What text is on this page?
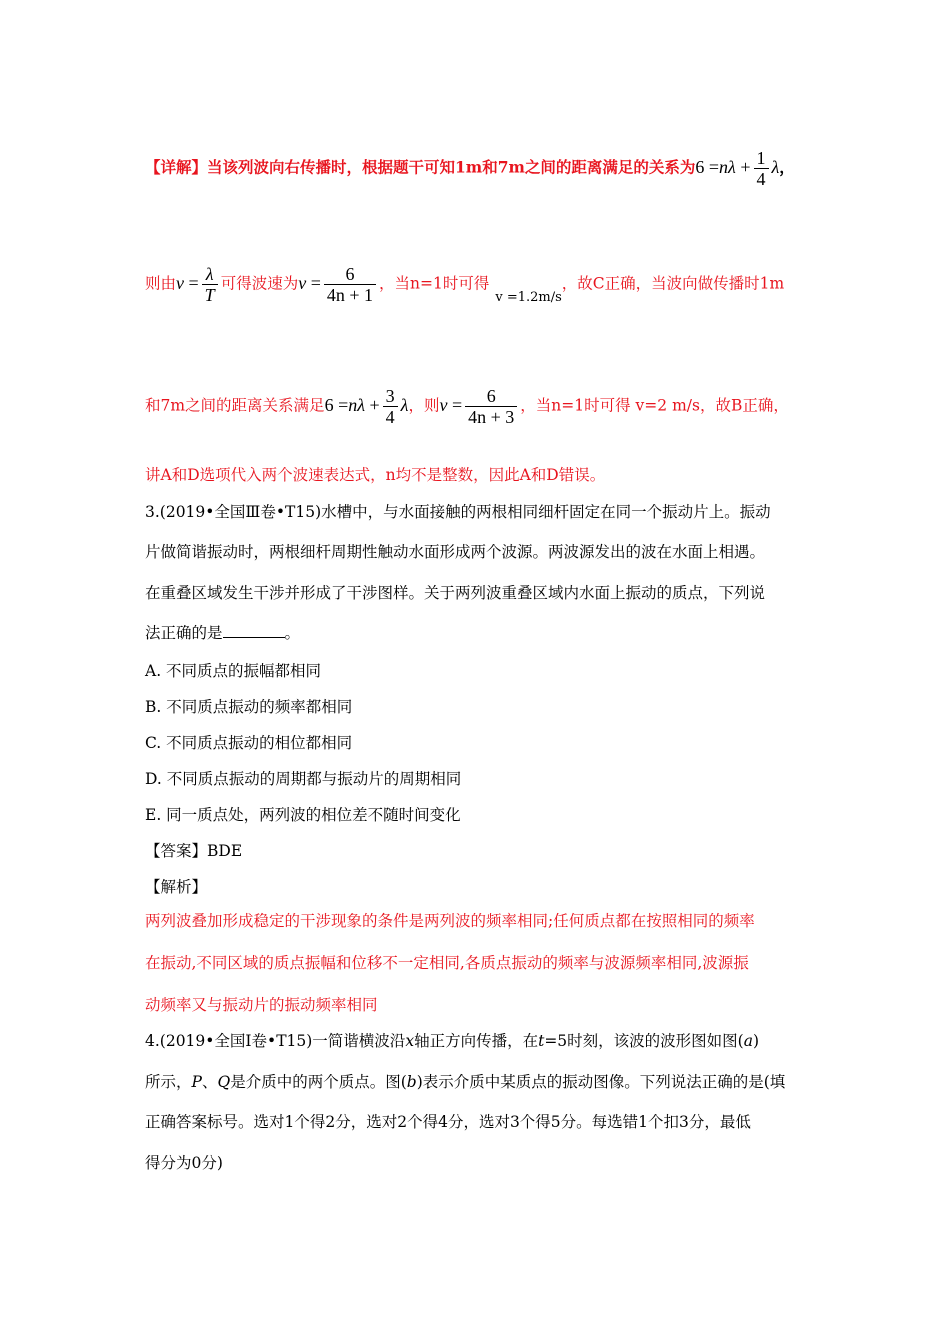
【详解】当该列波向右传播时，根据题干可知1m和7m之间的距离满足的关系为$6 =n\lambda + \frac{1}{4}$ λ，
则由$v = \frac{\lambda}{T}$ 可得波速为$v = \frac{6}{4n + 1}$ ，当n=1时可得$_{v =1.2m/s}$，故C正确，当波向做传播时1m
和7m之间的距离关系满足$6 =n\lambda + \frac{3}{4}$ λ，则$v = \frac{6}{4n + 3}$ ，当n=1时可得 v=2 m/s，故B正确，
讲A和D选项代入两个波速表达式，n均不是整数，因此A和D错误。
3.(2019•全国Ⅲ卷•T15)水槽中，与水面接触的两根相同细杆固定在同一个振动片上。振动
片做简谐振动时，两根细杆周期性触动水面形成两个波源。两波源发出的波在水面上相遇。
在重叠区域发生干涉并形成了干涉图样。关于两列波重叠区域内水面上振动的质点，下列说
法正确的是	。
A. 不同质点的振幅都相同
B. 不同质点振动的频率都相同
C. 不同质点振动的相位都相同
D. 不同质点振动的周期都与振动片的周期相同
E. 同一质点处，两列波的相位差不随时间变化
【答案】BDE
【解析】
两列波叠加形成稳定的干涉现象的条件是两列波的频率相同;任何质点都在按照相同的频率
在振动,不同区域的质点振幅和位移不一定相同,各质点振动的频率与波源频率相同,波源振
动频率又与振动片的振动频率相同
4.(2019•全国Ⅰ卷•T15)一简谐横波沿x轴正方向传播，在t=5时刻，该波的波形图如图(a)
所示，P、Q是介质中的两个质点。图(b)表示介质中某质点的振动图像。下列说法正确的是(填
正确答案标号。选对1个得2分，选对2个得4分，选对3个得5分。每选错1个扣3分，最低
得分为0分)
